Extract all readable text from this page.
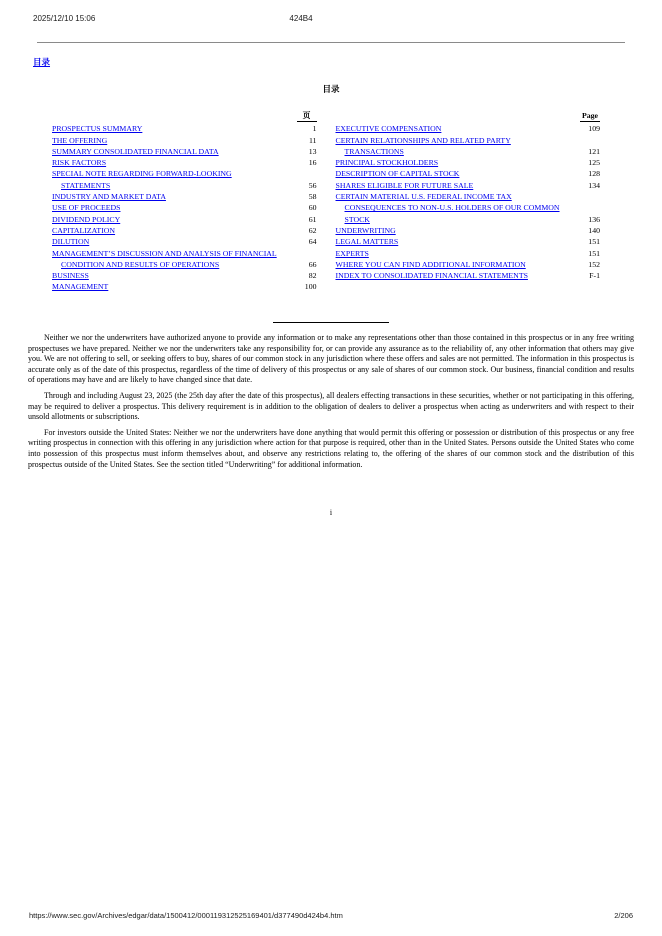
2025/12/10 15:06	424B4
目录
目录
页
PROSPECTUS SUMMARY	1
THE OFFERING	11
SUMMARY CONSOLIDATED FINANCIAL DATA	13
RISK FACTORS	16
SPECIAL NOTE REGARDING FORWARD-LOOKING STATEMENTS	56
INDUSTRY AND MARKET DATA	58
USE OF PROCEEDS	60
DIVIDEND POLICY	61
CAPITALIZATION	62
DILUTION	64
MANAGEMENT’S DISCUSSION AND ANALYSIS OF FINANCIAL CONDITION AND RESULTS OF OPERATIONS	66
BUSINESS	82
MANAGEMENT	100
Page
EXECUTIVE COMPENSATION	109
CERTAIN RELATIONSHIPS AND RELATED PARTY TRANSACTIONS	121
PRINCIPAL STOCKHOLDERS	125
DESCRIPTION OF CAPITAL STOCK	128
SHARES ELIGIBLE FOR FUTURE SALE	134
CERTAIN MATERIAL U.S. FEDERAL INCOME TAX CONSEQUENCES TO NON-U.S. HOLDERS OF OUR COMMON STOCK	136
UNDERWRITING	140
LEGAL MATTERS	151
EXPERTS	151
WHERE YOU CAN FIND ADDITIONAL INFORMATION	152
INDEX TO CONSOLIDATED FINANCIAL STATEMENTS	F-1

Neither we nor the underwriters have authorized anyone to provide any information or to make any representations other than those contained in this prospectus or in any free writing prospectuses we have prepared. Neither we nor the underwriters take any responsibility for, or can provide any assurance as to the reliability of, any other information that others may give you. We are not offering to sell, or seeking offers to buy, shares of our common stock in any jurisdiction where these offers and sales are not permitted. The information in this prospectus is accurate only as of the date of this prospectus, regardless of the time of delivery of this prospectus or any sale of shares of our common stock. Our business, financial condition and results of operations may have and are likely to have changed since that date.

Through and including August 23, 2025 (the 25th day after the date of this prospectus), all dealers effecting transactions in these securities, whether or not participating in this offering, may be required to deliver a prospectus. This delivery requirement is in addition to the obligation of dealers to deliver a prospectus when acting as underwriters and with respect to their unsold allotments or subscriptions.

For investors outside the United States: Neither we nor the underwriters have done anything that would permit this offering or possession or distribution of this prospectus or any free writing prospectus in connection with this offering in any jurisdiction where action for that purpose is required, other than in the United States. Persons outside the United States who come into possession of this prospectus must inform themselves about, and observe any restrictions relating to, the offering of the shares of our common stock and the distribution of this prospectus outside of the United States. See the section titled “Underwriting” for additional information.

i
https://www.sec.gov/Archives/edgar/data/1500412/000119312525169401/d377490d424b4.htm	2/206
